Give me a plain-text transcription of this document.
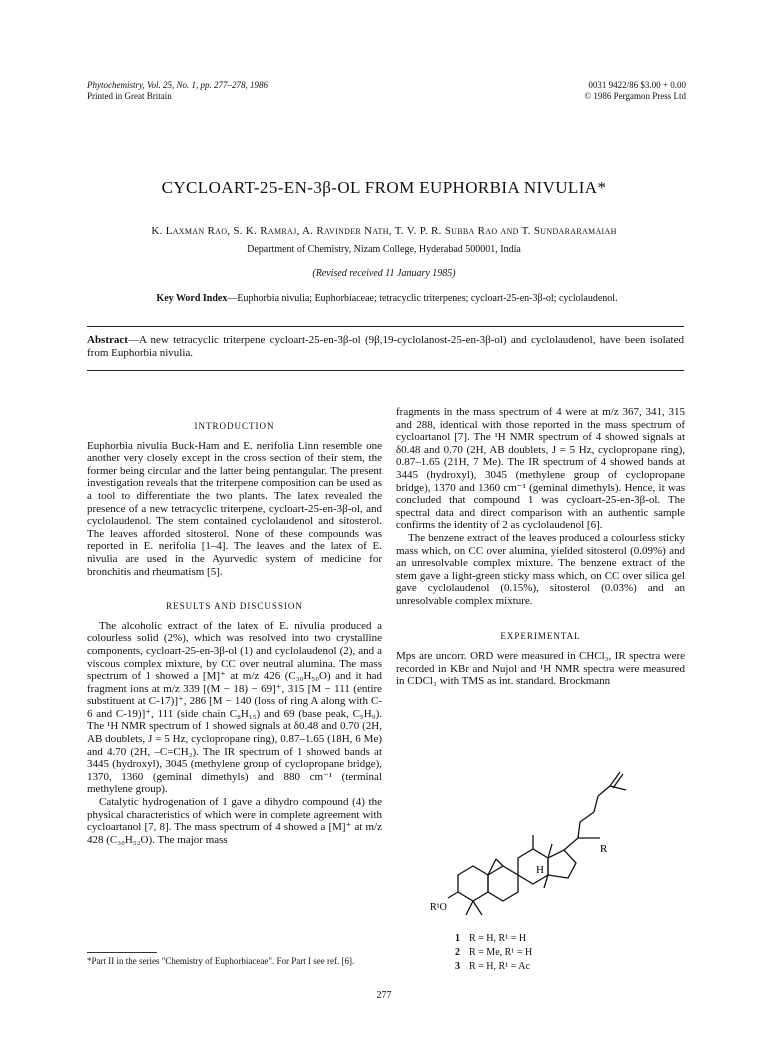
Phytochemistry, Vol. 25, No. 1, pp. 277–278, 1986
Printed in Great Britain
0031 9422/86 $3.00 + 0.00
© 1986 Pergamon Press Ltd
CYCLOART-25-EN-3β-OL FROM EUPHORBIA NIVULIA*
K. Laxman Rao, S. K. Ramraj, A. Ravinder Nath, T. V. P. R. Subba Rao and T. Sundararamaiah
Department of Chemistry, Nizam College, Hyderabad 500001, India
(Revised received 11 January 1985)
Key Word Index—Euphorbia nivulia; Euphorbiaceae; tetracyclic triterpenes; cycloart-25-en-3β-ol; cyclolaudenol.
Abstract—A new tetracyclic triterpene cycloart-25-en-3β-ol (9β,19-cyclolanost-25-en-3β-ol) and cyclolaudenol, have been isolated from Euphorbia nivulia.
INTRODUCTION

Euphorbia nivulia Buck-Ham and E. nerifolia Linn resemble one another very closely except in the cross section of their stem, the former being circular and the latter being pentangular. The present investigation reveals that the triterpene composition can be used as a tool to differentiate the two plants. The latex revealed the presence of a new tetracyclic triterpene, cycloart-25-en-3β-ol, and cyclolaudenol. The stem contained cyclolaudenol and sitosterol. The leaves afforded sitosterol. None of these compounds was reported in E. nerifolia [1–4]. The leaves and the latex of E. nivulia are used in the Ayurvedic system of medicine for bronchitis and rheumatism [5].

RESULTS AND DISCUSSION

The alcoholic extract of the latex of E. nivulia produced a colourless solid (2%), which was resolved into two crystalline components, cycloart-25-en-3β-ol (1) and cyclolaudenol (2), and a viscous complex mixture, by CC over neutral alumina. The mass spectrum of 1 showed a [M]⁺ at m/z 426 (C₃₀H₅₀O) and it had fragment ions at m/z 339 [(M − 18) − 69]⁺, 315 [M − 111 (entire substituent at C-17)]⁺, 286 [M − 140 (loss of ring A along with C-6 and C-19)]⁺, 111 (side chain C₈H₁₅) and 69 (base peak, C₅H₉). The ¹H NMR spectrum of 1 showed signals at δ0.48 and 0.70 (2H, AB doublets, J = 5 Hz, cyclopropane ring), 0.87–1.65 (18H, 6 Me) and 4.70 (2H, –C=CH₂). The IR spectrum of 1 showed bands at 3445 (hydroxyl), 3045 (methylene group of cyclopropane bridge), 1370, 1360 (geminal dimethyls) and 880 cm⁻¹ (terminal methylene group).

Catalytic hydrogenation of 1 gave a dihydro compound (4) the physical characteristics of which were in complete agreement with cycloartanol [7, 8]. The mass spectrum of 4 showed a [M]⁺ at m/z 428 (C₃₀H₅₂O). The major mass

fragments in the mass spectrum of 4 were at m/z 367, 341, 315 and 288, identical with those reported in the mass spectrum of cycloartanol [7]. The ¹H NMR spectrum of 4 showed signals at δ0.48 and 0.70 (2H, AB doublets, J = 5 Hz, cyclopropane ring), 0.87–1.65 (21H, 7 Me). The IR spectrum of 4 showed bands at 3445 (hydroxyl), 3045 (methylene group of cyclopropane bridge), 1370 and 1360 cm⁻¹ (geminal dimethyls). Hence, it was concluded that compound 1 was cycloart-25-en-3β-ol. The spectral data and direct comparison with an authentic sample confirms the identity of 2 as cyclolaudenol [6].

The benzene extract of the leaves produced a colourless sticky mass which, on CC over alumina, yielded sitosterol (0.09%) and an unresolvable complex mixture. The benzene extract of the stem gave a light-green sticky mass which, on CC over silica gel gave cyclolaudenol (0.15%), sitosterol (0.03%) and an unresolvable complex mixture.

EXPERIMENTAL

Mps are uncorr. ORD were measured in CHCl₃, IR spectra were recorded in KBr and Nujol and ¹H NMR spectra were measured in CDCl₃ with TMS as int. standard. Brockmann

H
R
R¹O
1 R = H, R¹ = H
2 R = Me, R¹ = H
3 R = H, R¹ = Ac
*Part II in the series "Chemistry of Euphorbiaceae". For Part I see ref. [6].
277
